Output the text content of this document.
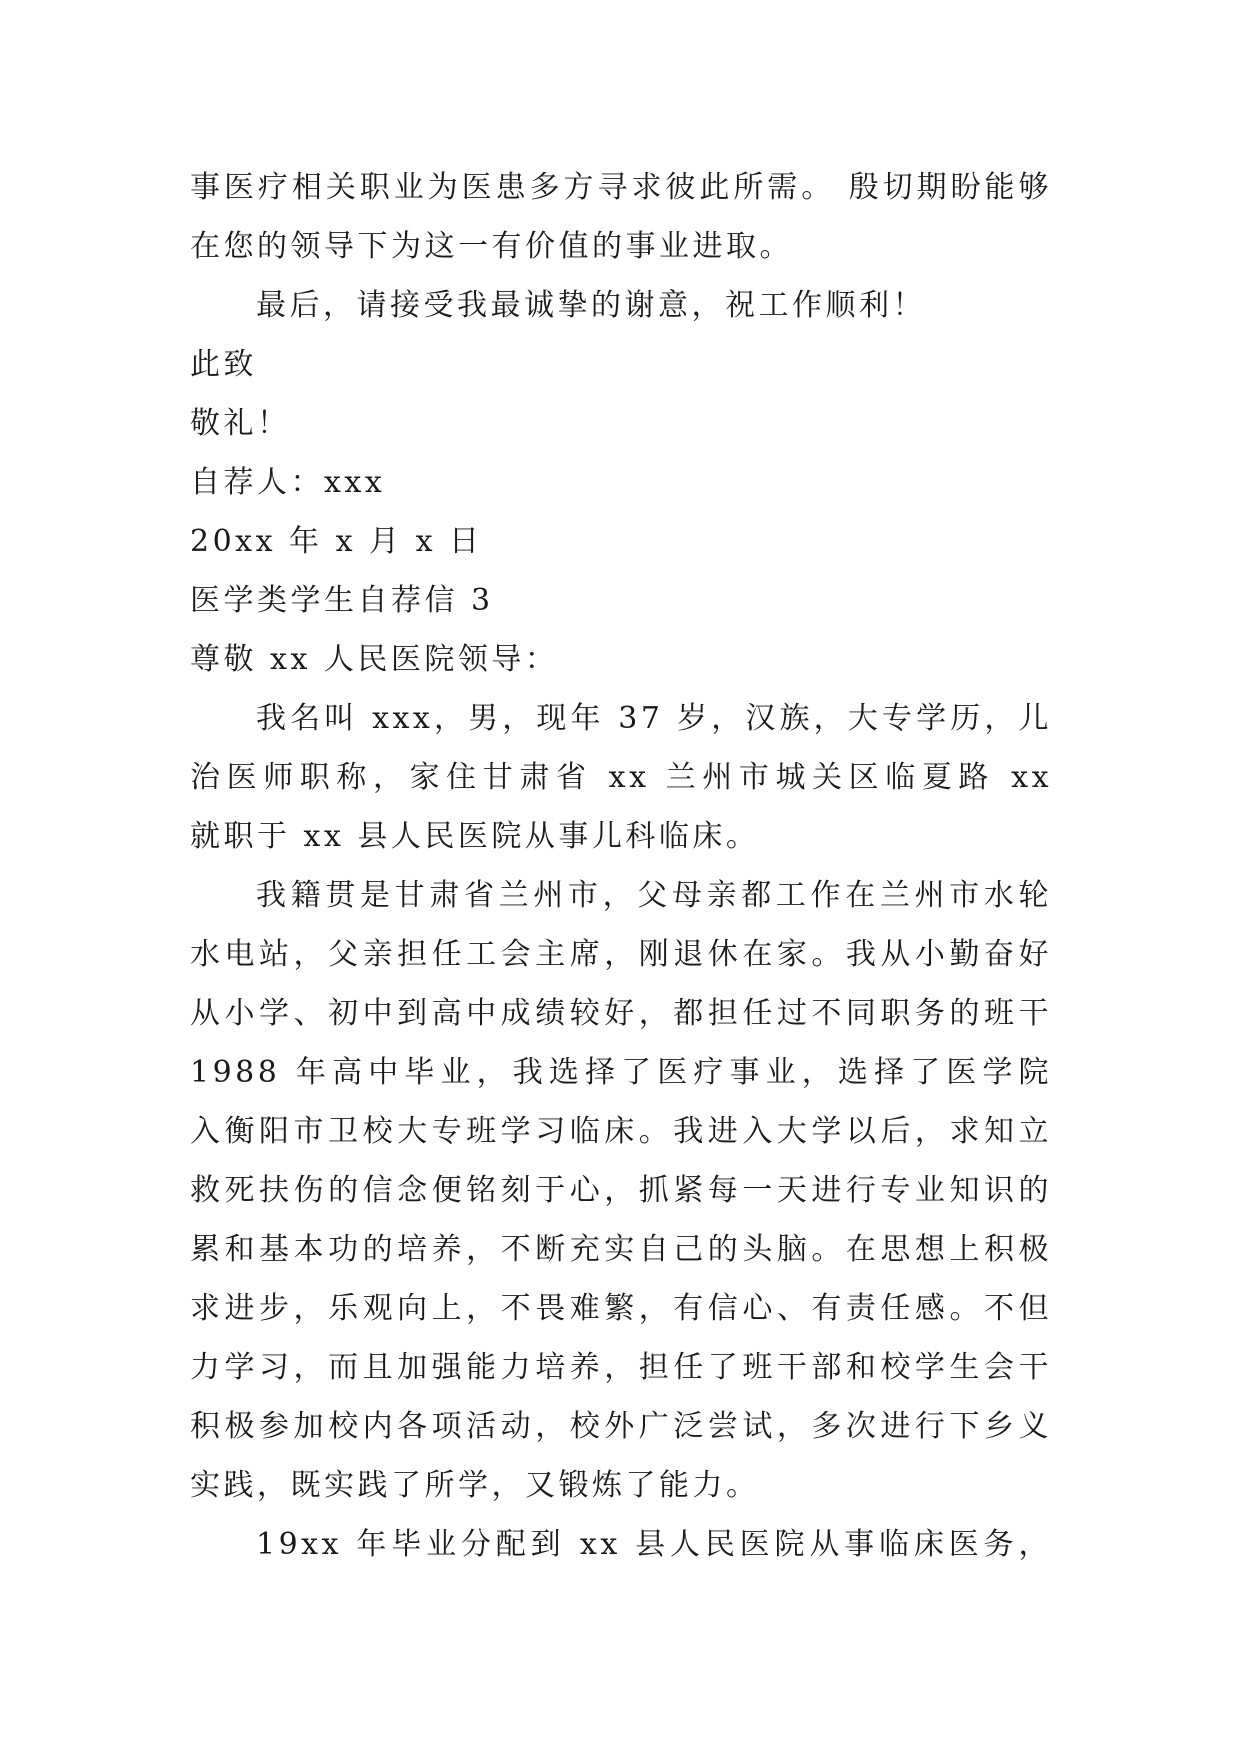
事医疗相关职业为医患多方寻求彼此所需。 殷切期盼能够
在您的领导下为这一有价值的事业进取。
最后，请接受我最诚挚的谢意，祝工作顺利！
此致
敬礼！
自荐人：xxx
20xx 年 x 月 x 日
医学类学生自荐信 3
尊敬 xx 人民医院领导：
我名叫 xxx，男，现年 37 岁，汉族，大专学历，儿
治医师职称，家住甘肃省 xx 兰州市城关区临夏路 xx
就职于 xx 县人民医院从事儿科临床。
我籍贯是甘肃省兰州市，父母亲都工作在兰州市水轮
水电站，父亲担任工会主席，刚退休在家。我从小勤奋好
从小学、初中到高中成绩较好，都担任过不同职务的班干
1988 年高中毕业，我选择了医疗事业，选择了医学院
入衡阳市卫校大专班学习临床。我进入大学以后，求知立
救死扶伤的信念便铭刻于心，抓紧每一天进行专业知识的
累和基本功的培养，不断充实自己的头脑。在思想上积极
求进步，乐观向上，不畏难繁，有信心、有责任感。不但
力学习，而且加强能力培养，担任了班干部和校学生会干
积极参加校内各项活动，校外广泛尝试，多次进行下乡义
实践，既实践了所学，又锻炼了能力。
19xx 年毕业分配到 xx 县人民医院从事临床医务，
